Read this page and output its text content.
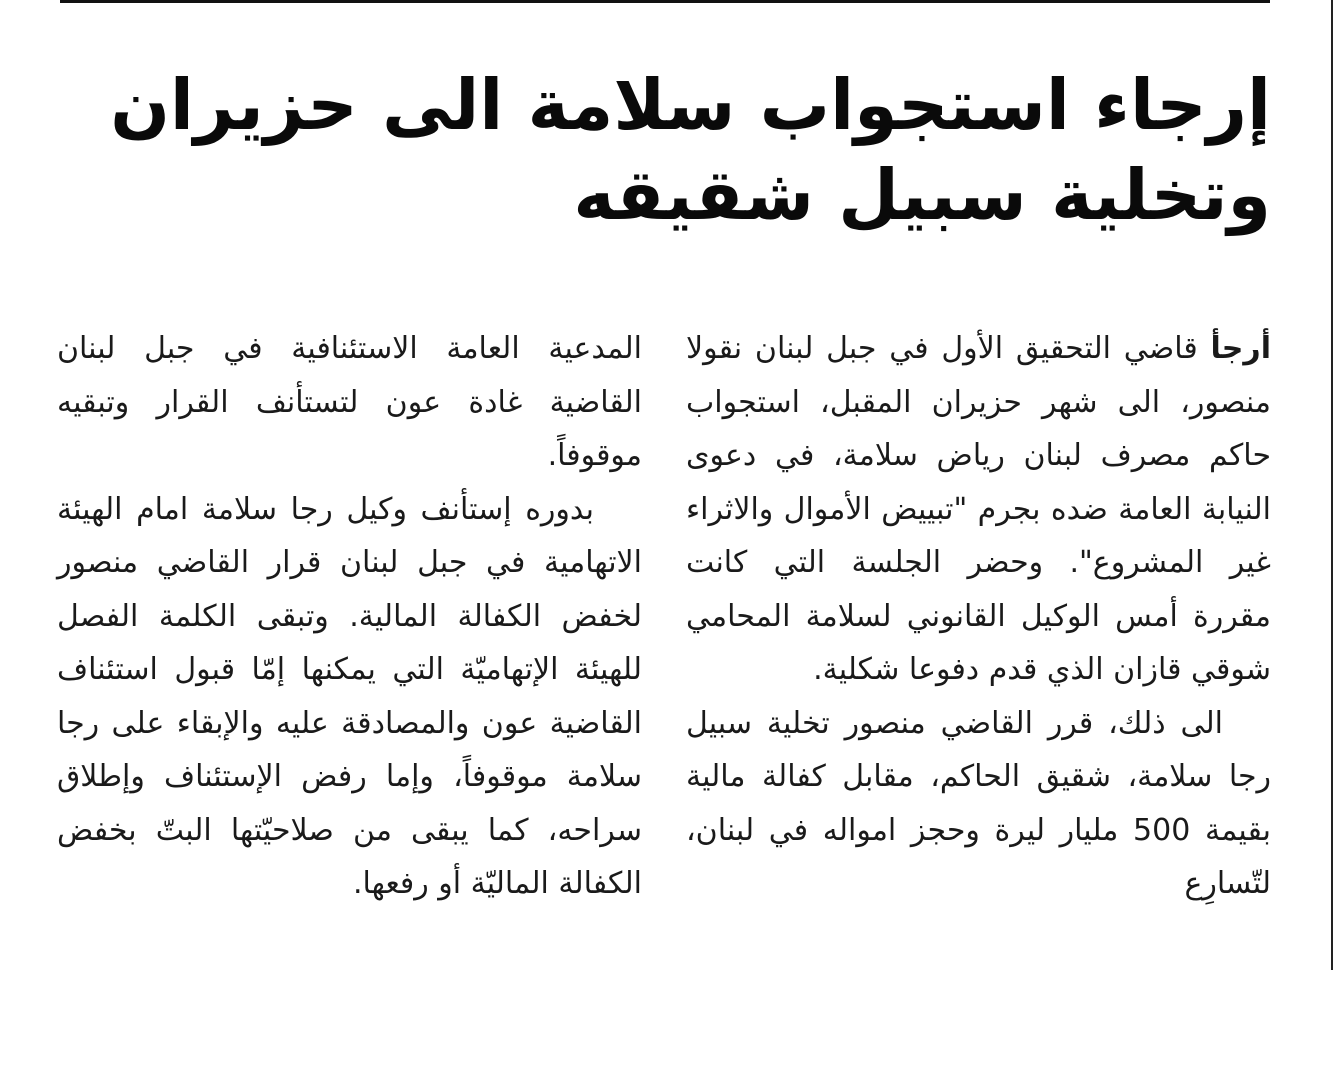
إرجاء استجواب سلامة الى حزيران
وتخلية سبيل شقيقه

أرجأ قاضي التحقيق الأول في جبل لبنان نقولا منصور، الى شهر حزيران المقبل، استجواب حاكم مصرف لبنان رياض سلامة، في دعوى النيابة العامة ضده بجرم "تبييض الأموال والاثراء غير المشروع". وحضر الجلسة التي كانت مقررة أمس الوكيل القانوني لسلامة المحامي شوقي قازان الذي قدم دفوعا شكلية.

الى ذلك، قرر القاضي منصور تخلية سبيل رجا سلامة، شقيق الحاكم، مقابل كفالة مالية بقيمة 500 مليار ليرة وحجز امواله في لبنان، لتّسارِع

المدعية العامة الاستئنافية في جبل لبنان القاضية غادة عون لتستأنف القرار وتبقيه موقوفاً.

بدوره إستأنف وكيل رجا سلامة امام الهيئة الاتهامية في جبل لبنان قرار القاضي منصور لخفض الكفالة المالية. وتبقى الكلمة الفصل للهيئة الإتهاميّة التي يمكنها إمّا قبول استئناف القاضية عون والمصادقة عليه والإبقاء على رجا سلامة موقوفاً، وإما رفض الإستئناف وإطلاق سراحه، كما يبقى من صلاحيّتها البتّ بخفض الكفالة الماليّة أو رفعها.
